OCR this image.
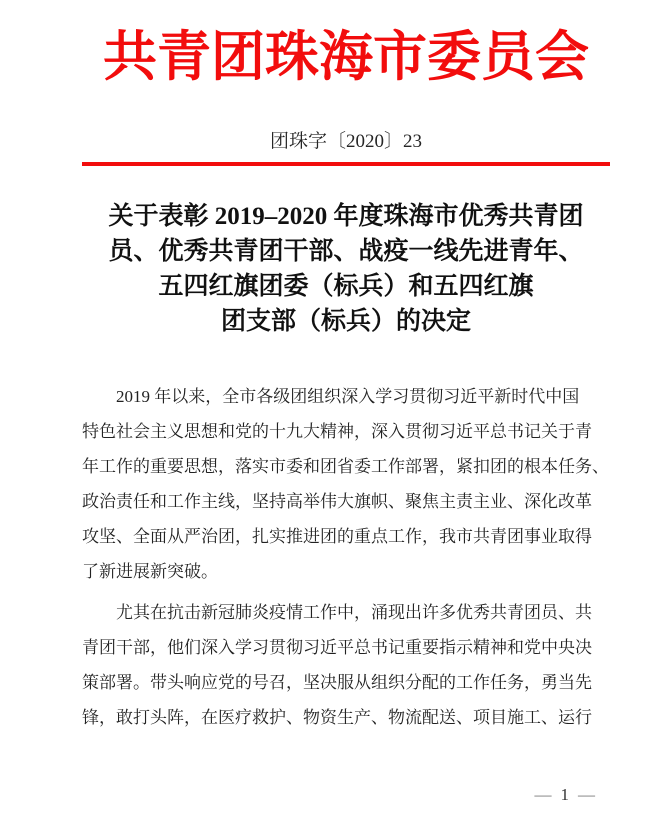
共青团珠海市委员会
团珠字〔2020〕23
关于表彰 2019–2020 年度珠海市优秀共青团
员、优秀共青团干部、战疫一线先进青年、
五四红旗团委（标兵）和五四红旗
团支部（标兵）的决定
2019 年以来，全市各级团组织深入学习贯彻习近平新时代中国
特色社会主义思想和党的十九大精神，深入贯彻习近平总书记关于青
年工作的重要思想，落实市委和团省委工作部署，紧扣团的根本任务、
政治责任和工作主线，坚持高举伟大旗帜、聚焦主责主业、深化改革
攻坚、全面从严治团，扎实推进团的重点工作，我市共青团事业取得
了新进展新突破。
尤其在抗击新冠肺炎疫情工作中，涌现出许多优秀共青团员、共
青团干部，他们深入学习贯彻习近平总书记重要指示精神和党中央决
策部署。带头响应党的号召，坚决服从组织分配的工作任务，勇当先
锋，敢打头阵，在医疗救护、物资生产、物流配送、项目施工、运行
— 1 —
